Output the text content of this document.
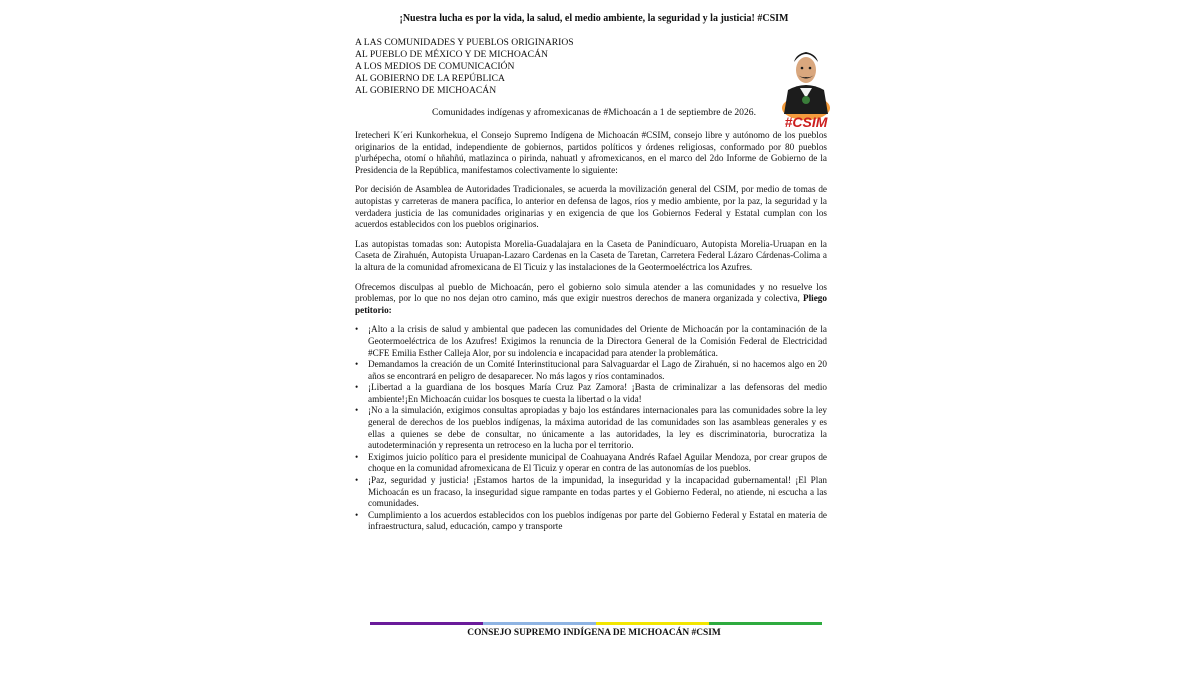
¡Nuestra lucha es por la vida, la salud, el medio ambiente, la seguridad y la justicia! #CSIM
A LAS COMUNIDADES Y PUEBLOS ORIGINARIOS
AL PUEBLO DE MÉXICO Y DE MICHOACÁN
A LOS MEDIOS DE COMUNICACIÓN
AL GOBIERNO DE LA REPÚBLICA
AL GOBIERNO DE MICHOACÁN
#CSIM
Comunidades indígenas y afromexicanas de #Michoacán a 1 de septiembre de 2026.

Iretecheri K´eri Kunkorhekua, el Consejo Supremo Indígena de Michoacán #CSIM, consejo libre y autónomo de los pueblos originarios de la entidad, independiente de gobiernos, partidos políticos y órdenes religiosas, conformado por 80 pueblos p'urhépecha, otomí o hñahñú, matlazinca o pirinda, nahuatl y afromexicanos, en el marco del 2do Informe de Gobierno de la Presidencia de la República, manifestamos colectivamente lo siguiente:

Por decisión de Asamblea de Autoridades Tradicionales, se acuerda la movilización general del CSIM, por medio de tomas de autopistas y carreteras de manera pacífica, lo anterior en defensa de lagos, ríos y medio ambiente, por la paz, la seguridad y la verdadera justicia de las comunidades originarias y en exigencia de que los Gobiernos Federal y Estatal cumplan con los acuerdos establecidos con los pueblos originarios.

Las autopistas tomadas son: Autopista Morelia-Guadalajara en la Caseta de Panindícuaro, Autopista Morelia-Uruapan en la Caseta de Zirahuén, Autopista Uruapan-Lazaro Cardenas en la Caseta de Taretan, Carretera Federal Lázaro Cárdenas-Colima a la altura de la comunidad afromexicana de El Ticuiz y las instalaciones de la Geotermoeléctrica los Azufres.

Ofrecemos disculpas al pueblo de Michoacán, pero el gobierno solo simula atender a las comunidades y no resuelve los problemas, por lo que no nos dejan otro camino, más que exigir nuestros derechos de manera organizada y colectiva, Pliego petitorio:

• ¡Alto a la crisis de salud y ambiental que padecen las comunidades del Oriente de Michoacán por la contaminación de la Geotermoeléctrica de los Azufres! Exigimos la renuncia de la Directora General de la Comisión Federal de Electricidad #CFE Emilia Esther Calleja Alor, por su indolencia e incapacidad para atender la problemática.
• Demandamos la creación de un Comité Interinstitucional para Salvaguardar el Lago de Zirahuén, si no hacemos algo en 20 años se encontrará en peligro de desaparecer. No más lagos y ríos contaminados.
• ¡Libertad a la guardiana de los bosques María Cruz Paz Zamora! ¡Basta de criminalizar a las defensoras del medio ambiente!¡En Michoacán cuidar los bosques te cuesta la libertad o la vida!
• ¡No a la simulación, exigimos consultas apropiadas y bajo los estándares internacionales para las comunidades sobre la ley general de derechos de los pueblos indígenas, la máxima autoridad de las comunidades son las asambleas generales y es ellas a quienes se debe de consultar, no únicamente a las autoridades, la ley es discriminatoria, burocratiza la autodeterminación y representa un retroceso en la lucha por el territorio.
• Exigimos juicio político para el presidente municipal de Coahuayana Andrés Rafael Aguilar Mendoza, por crear grupos de choque en la comunidad afromexicana de El Ticuiz y operar en contra de las autonomías de los pueblos.
• ¡Paz, seguridad y justicia! ¡Estamos hartos de la impunidad, la inseguridad y la incapacidad gubernamental! ¡El Plan Michoacán es un fracaso, la inseguridad sigue rampante en todas partes y el Gobierno Federal, no atiende, ni escucha a las comunidades.
• Cumplimiento a los acuerdos establecidos con los pueblos indígenas por parte del Gobierno Federal y Estatal en materia de infraestructura, salud, educación, campo y transporte
CONSEJO SUPREMO INDÍGENA DE MICHOACÁN #CSIM
